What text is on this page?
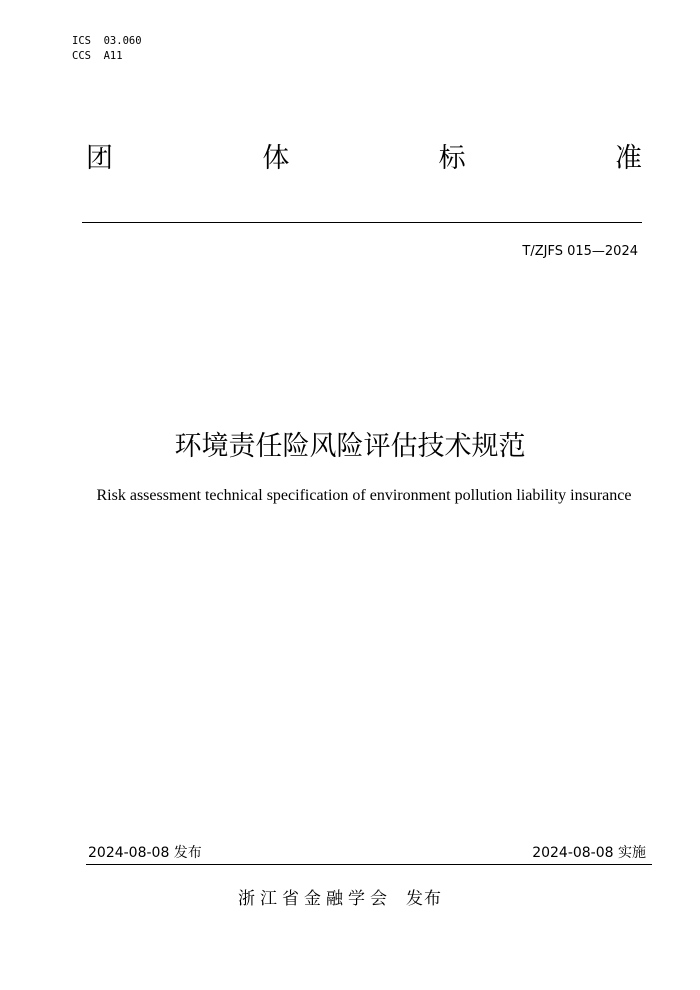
ICS  03.060
CCS  A11
团	体	标	准
T/ZJFS 015—2024
环境责任险风险评估技术规范
Risk assessment technical specification of environment pollution liability insurance
2024-08-08 发布	2024-08-08 实施
浙江省金融学会 发布
